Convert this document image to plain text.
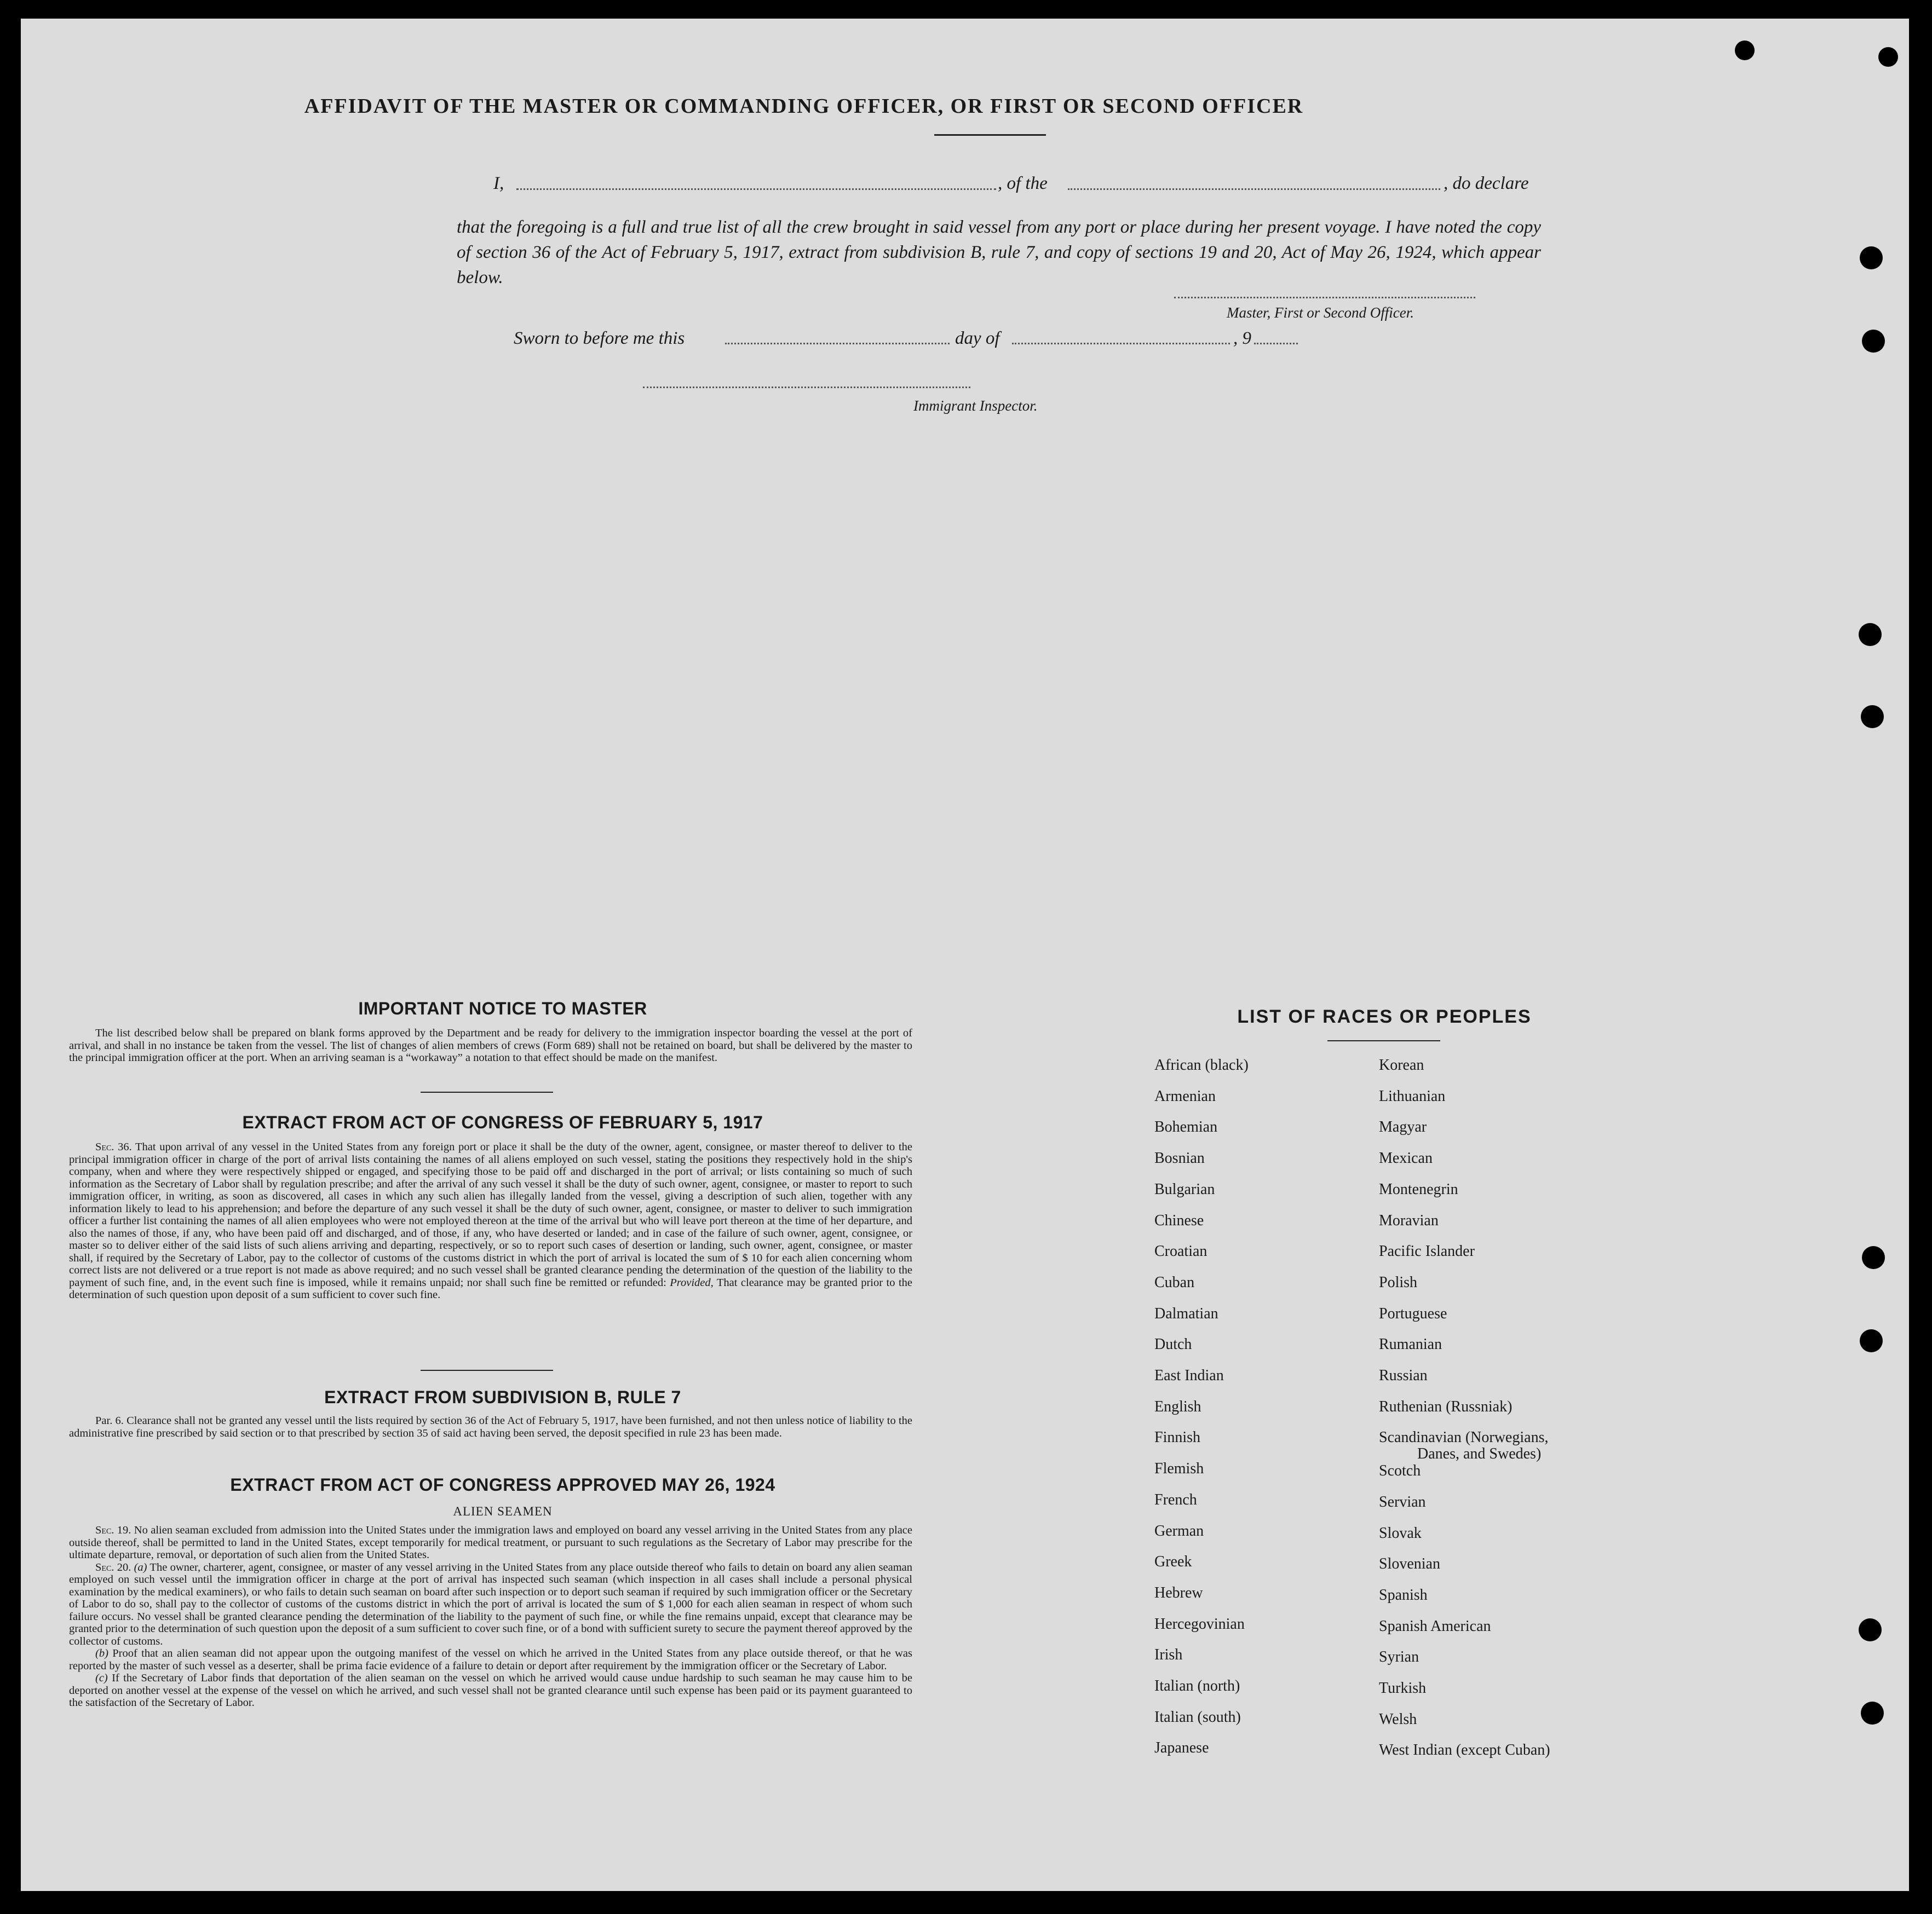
AFFIDAVIT OF THE MASTER OR COMMANDING OFFICER, OR FIRST OR SECOND OFFICER
I,	, of the	, do declare
that the foregoing is a full and true list of all the crew brought in said vessel from any port or place during her present voyage. I have noted the copy of section 36 of the Act of February 5, 1917, extract from subdivision B, rule 7, and copy of sections 19 and 20, Act of May 26, 1924, which appear below.
Master, First or Second Officer.
Sworn to before me this	day of	, 9
Immigrant Inspector.
IMPORTANT NOTICE TO MASTER

The list described below shall be prepared on blank forms approved by the Department and be ready for delivery to the immigration inspector boarding the vessel at the port of arrival, and shall in no instance be taken from the vessel. The list of changes of alien members of crews (Form 689) shall not be retained on board, but shall be delivered by the master to the principal immigration officer at the port. When an arriving seaman is a “workaway” a notation to that effect should be made on the manifest.

EXTRACT FROM ACT OF CONGRESS OF FEBRUARY 5, 1917

Sec. 36. That upon arrival of any vessel in the United States from any foreign port or place it shall be the duty of the owner, agent, consignee, or master thereof to deliver to the principal immigration officer in charge of the port of arrival lists containing the names of all aliens employed on such vessel, stating the positions they respectively hold in the ship's company, when and where they were respectively shipped or engaged, and specifying those to be paid off and discharged in the port of arrival; or lists containing so much of such information as the Secretary of Labor shall by regulation prescribe; and after the arrival of any such vessel it shall be the duty of such owner, agent, consignee, or master to report to such immigration officer, in writing, as soon as discovered, all cases in which any such alien has illegally landed from the vessel, giving a description of such alien, together with any information likely to lead to his apprehension; and before the departure of any such vessel it shall be the duty of such owner, agent, consignee, or master to deliver to such immigration officer a further list containing the names of all alien employees who were not employed thereon at the time of the arrival but who will leave port thereon at the time of her departure, and also the names of those, if any, who have been paid off and discharged, and of those, if any, who have deserted or landed; and in case of the failure of such owner, agent, consignee, or master so to deliver either of the said lists of such aliens arriving and departing, respectively, or so to report such cases of desertion or landing, such owner, agent, consignee, or master shall, if required by the Secretary of Labor, pay to the collector of customs of the customs district in which the port of arrival is located the sum of $ 10 for each alien concerning whom correct lists are not delivered or a true report is not made as above required; and no such vessel shall be granted clearance pending the determination of the question of the liability to the payment of such fine, and, in the event such fine is imposed, while it remains unpaid; nor shall such fine be remitted or refunded: Provided, That clearance may be granted prior to the determination of such question upon deposit of a sum sufficient to cover such fine.

EXTRACT FROM SUBDIVISION B, RULE 7

Par. 6. Clearance shall not be granted any vessel until the lists required by section 36 of the Act of February 5, 1917, have been furnished, and not then unless notice of liability to the administrative fine prescribed by said section or to that prescribed by section 35 of said act having been served, the deposit specified in rule 23 has been made.

EXTRACT FROM ACT OF CONGRESS APPROVED MAY 26, 1924
ALIEN SEAMEN

Sec. 19. No alien seaman excluded from admission into the United States under the immigration laws and employed on board any vessel arriving in the United States from any place outside thereof, shall be permitted to land in the United States, except temporarily for medical treatment, or pursuant to such regulations as the Secretary of Labor may prescribe for the ultimate departure, removal, or deportation of such alien from the United States.

Sec. 20. (a) The owner, charterer, agent, consignee, or master of any vessel arriving in the United States from any place outside thereof who fails to detain on board any alien seaman employed on such vessel until the immigration officer in charge at the port of arrival has inspected such seaman (which inspection in all cases shall include a personal physical examination by the medical examiners), or who fails to detain such seaman on board after such inspection or to deport such seaman if required by such immigration officer or the Secretary of Labor to do so, shall pay to the collector of customs of the customs district in which the port of arrival is located the sum of $ 1,000 for each alien seaman in respect of whom such failure occurs. No vessel shall be granted clearance pending the determination of the liability to the payment of such fine, or while the fine remains unpaid, except that clearance may be granted prior to the determination of such question upon the deposit of a sum sufficient to cover such fine, or of a bond with sufficient surety to secure the payment thereof approved by the collector of customs.

(b) Proof that an alien seaman did not appear upon the outgoing manifest of the vessel on which he arrived in the United States from any place outside thereof, or that he was reported by the master of such vessel as a deserter, shall be prima facie evidence of a failure to detain or deport after requirement by the immigration officer or the Secretary of Labor.

(c) If the Secretary of Labor finds that deportation of the alien seaman on the vessel on which he arrived would cause undue hardship to such seaman he may cause him to be deported on another vessel at the expense of the vessel on which he arrived, and such vessel shall not be granted clearance until such expense has been paid or its payment guaranteed to the satisfaction of the Secretary of Labor.

LIST OF RACES OR PEOPLES
African (black)
Armenian
Bohemian
Bosnian
Bulgarian
Chinese
Croatian
Cuban
Dalmatian
Dutch
East Indian
English
Finnish
Flemish
French
German
Greek
Hebrew
Hercegovinian
Irish
Italian (north)
Italian (south)
Japanese
Korean
Lithuanian
Magyar
Mexican
Montenegrin
Moravian
Pacific Islander
Polish
Portuguese
Rumanian
Russian
Ruthenian (Russniak)
Scandinavian (Norwegians,
Scotch
Servian
Slovak
Slovenian
Spanish
Spanish American
Syrian
Turkish
Welsh
West Indian (except Cuban)
Danes, and Swedes)
